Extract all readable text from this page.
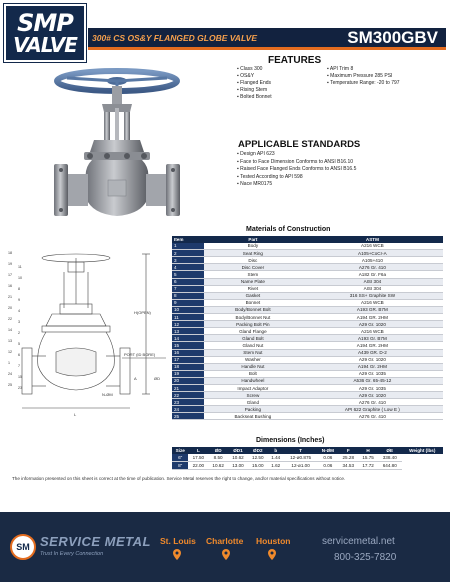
SMP
VALVE 300# CS OS&Y FLANGED GLOBE VALVE	SM300GBV
FEATURES
▪ Class 300	▪ API Trim 8
▪ OS&Y	▪ Maximum Pressure 285 PSI
▪ Flanged Ends	▪ Temperature Range: -20 to 797
▪ Rising Stem
▪ Bolted Bonnet
APPLICABLE STANDARDS
▪ Design API 623
▪ Face to Face Dimension Conforms to ANSI B16.10
▪ Raised Face Flanged Ends Conforms to ANSI B16.5
▪ Tested According to API 598
▪ Nace MR0175
H(OPEN)
PORT (ID BORE)
N-ØM
A	ØD
L
18
19
17
16
21
20
22
14
13
12
1
24
25
11
10
8
9
4
3
2
5
6
7
15
23
Materials of Construction
Item	Part	ASTM
1	Body	A216 WCB
2	Seat Ring	A105+CoCr-A
3	Disc	A105+410
4	Disc Cover	A276 Gr. 410
5	Stem	A182 Gr. F6a
6	Name Plate	AISI 304
7	Rivet	AISI 304
8	Gasket	316 SS+ Graphite SW
9	Bonnet	A216 WCB
10	Body/Bonnet Bolt	A193 GR. B7M
11	Body/Bonnet Nut	A194 GR. 2HM
12	Packing Bolt Pin	A29 Gr. 1020
13	Gland Flange	A216 WCB
14	Gland Bolt	A193 Gr. B7M
15	Gland Nut	A194 GR. 2HM
16	Stem Nut	A439 GR. D-2
17	Washer	A29 Gr. 1020
18	Handle Nut	A194 Gr. 2HM
19	Bolt	A29 Gr. 1035
20	Handwheel	A536 Gr. 65-45-12
21	Impact Adaptor	A29 Gr. 1035
22	Screw	A29 Gr. 1020
23	Gland	A276 Gr. 410
24	Packing	API 622 Graphite ( Low E )
25	Backseat Bushing	A276 Gr. 410
Dimensions (Inches)
Size	L	ØD	ØD1	ØD2	b	T	N-ØM	F	H	ØE	Weight (lbs)
6"	17.50	8.50	10.62	12.50	1.44	12-ø0.875	0.06	25.28	15.75	338.40	
8"	22.00	10.62	13.00	15.00	1.62	12-ø1.00	0.06	34.53	17.72	644.80	
The information presented on this sheet is correct at the time of publication. Service Metal reserves the right to change, and/or material specifications without notice.
SM SERVICE METAL
Trust In Every Connection
St. Louis Charlotte Houston	servicemetal.net
800-325-7820
